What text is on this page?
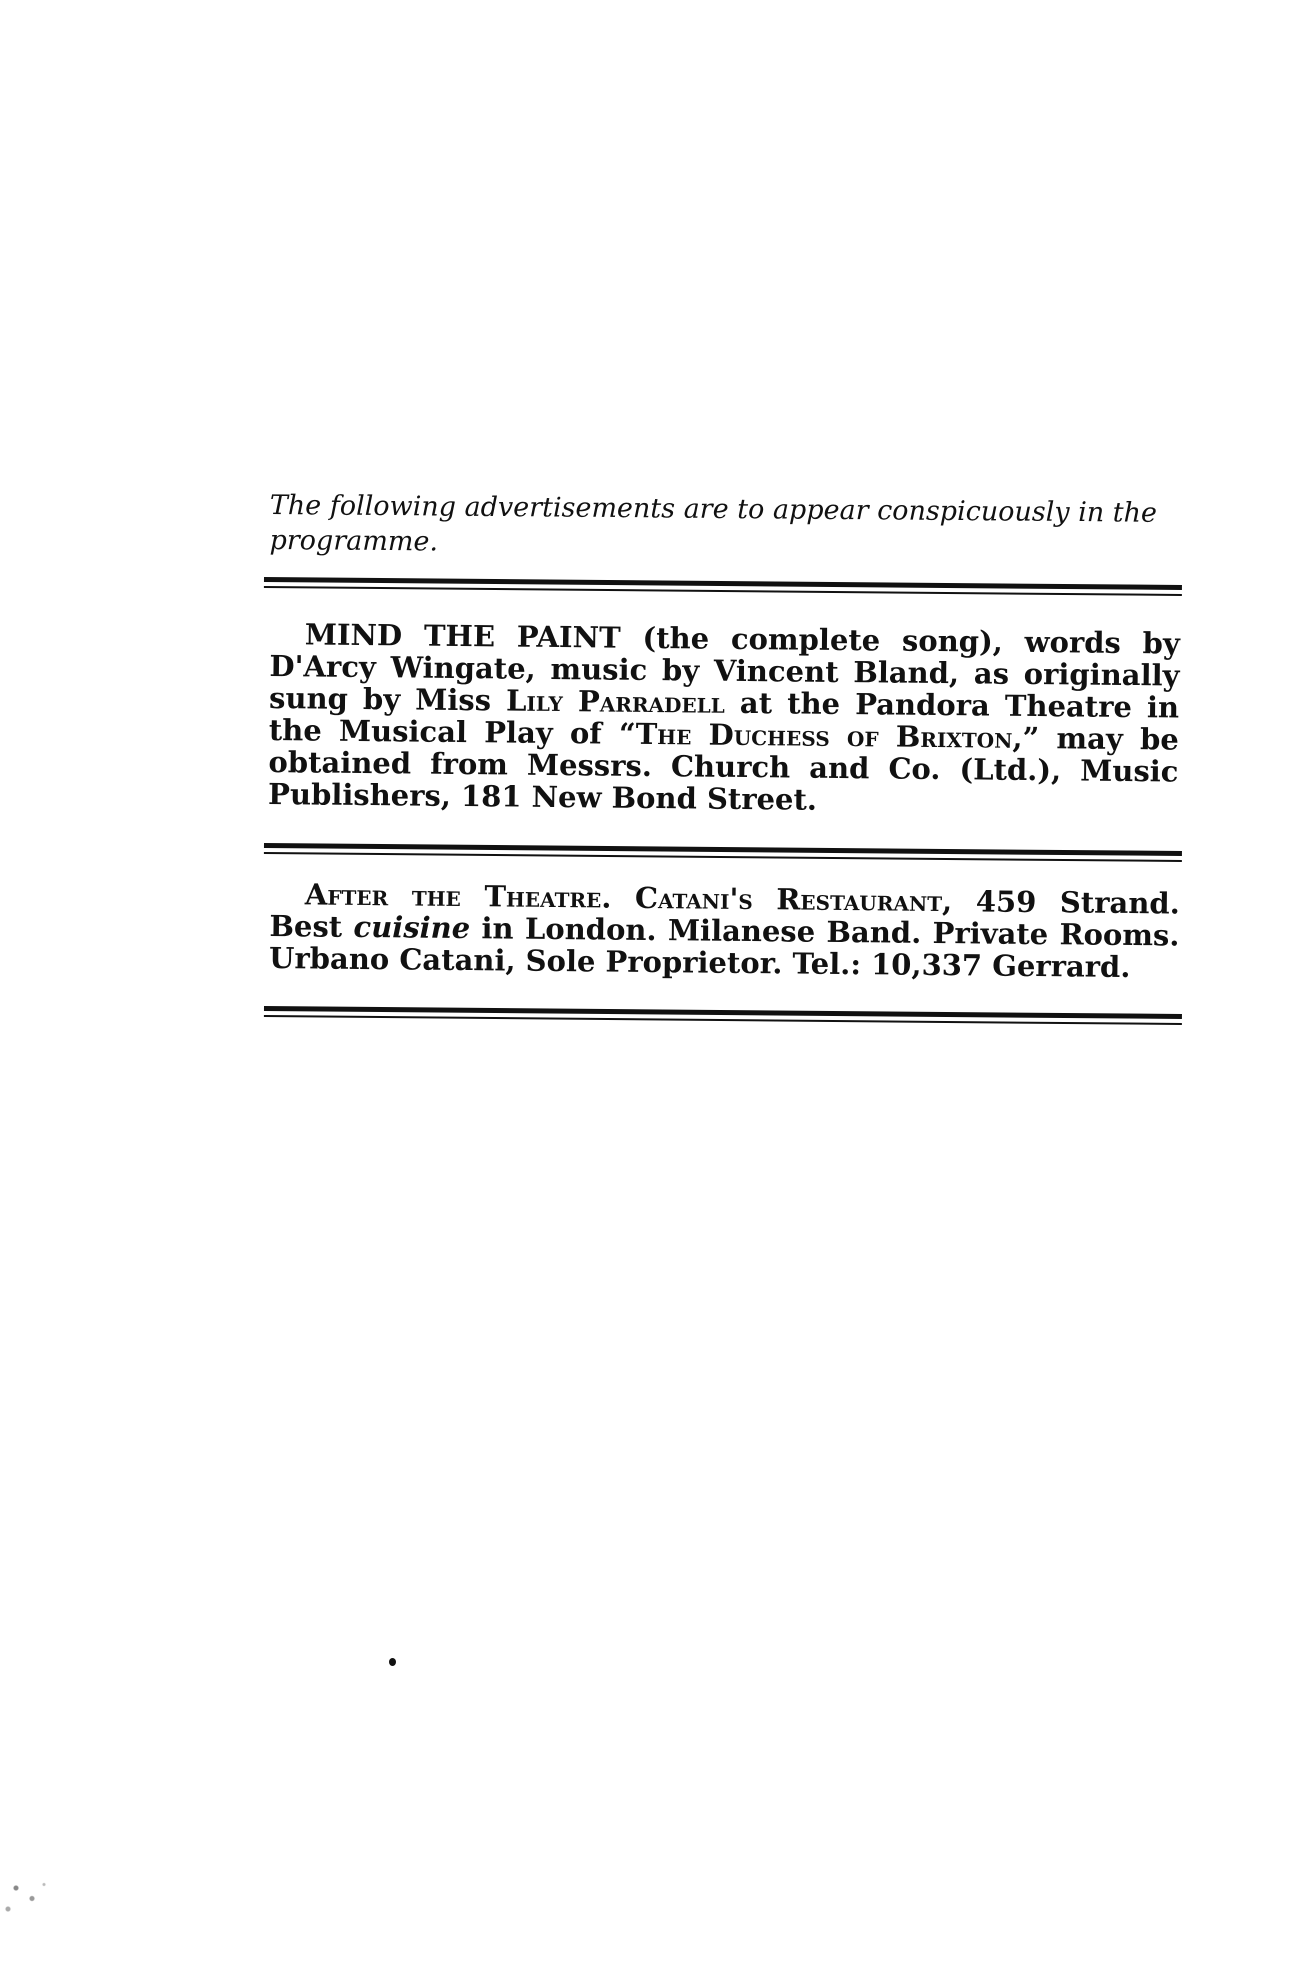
The following advertisements are to appear conspicuously in the programme.

MIND THE PAINT (the complete song), words by D'Arcy Wingate, music by Vincent Bland, as originally sung by Miss Lily Parradell at the Pandora Theatre in the Musical Play of “The Duchess of Brixton,” may be obtained from Messrs. Church and Co. (Ltd.), Music Publishers, 181 New Bond Street.

After the Theatre. Catani's Restaurant, 459 Strand. Best cuisine in London. Milanese Band. Private Rooms. Urbano Catani, Sole Proprietor. Tel.: 10,337 Gerrard.
